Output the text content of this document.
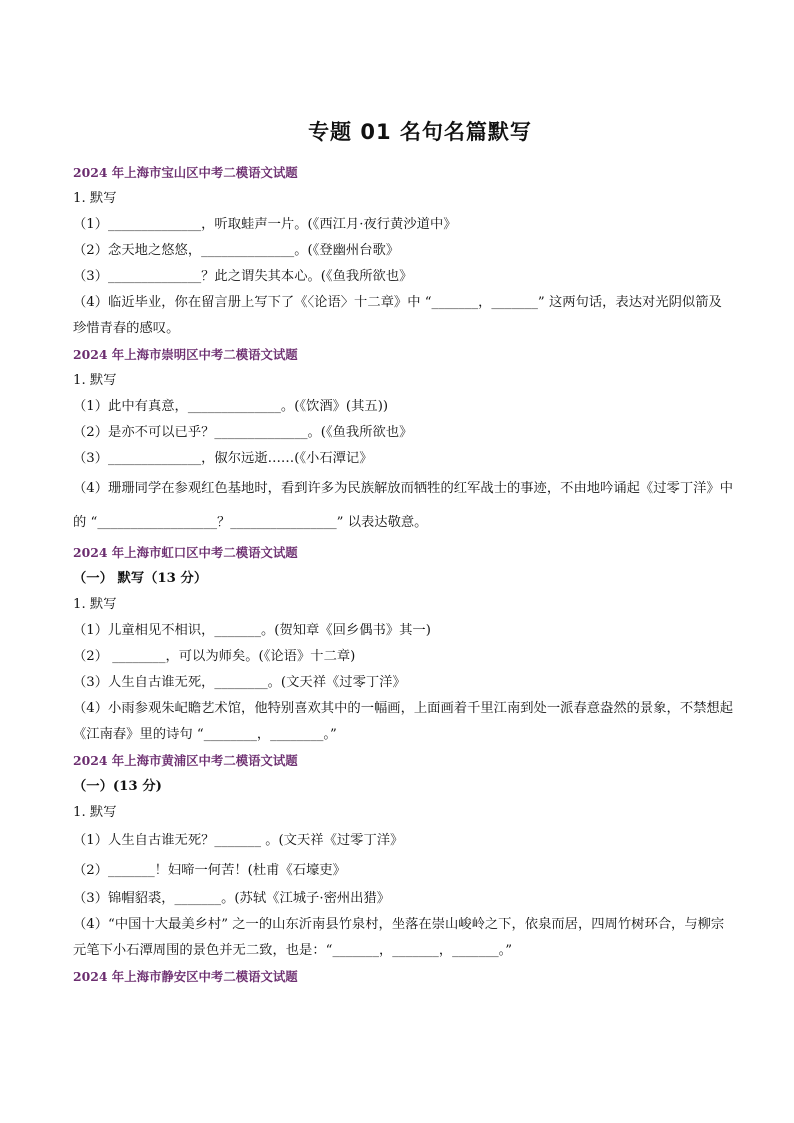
专题 01 名句名篇默写

2024 年上海市宝山区中考二模语文试题

1. 默写

（1）______________，听取蛙声一片。(《西江月·夜行黄沙道中》

（2）念天地之悠悠，______________。(《登幽州台歌》

（3）______________？此之谓失其本心。(《鱼我所欲也》

（4）临近毕业，你在留言册上写下了《〈论语〉十二章》中 “_______，_______” 这两句话，表达对光阴似箭及珍惜青春的感叹。

2024 年上海市崇明区中考二模语文试题

1. 默写

（1）此中有真意，______________。(《饮酒》(其五))

（2）是亦不可以已乎？______________。(《鱼我所欲也》

（3）______________，俶尔远逝……(《小石潭记》

（4）珊珊同学在参观红色基地时，看到许多为民族解放而牺牲的红军战士的事迹，不由地吟诵起《过零丁洋》中的 “__________________？________________” 以表达敬意。

2024 年上海市虹口区中考二模语文试题

（一） 默写（13 分）

1. 默写

（1）儿童相见不相识，_______。(贺知章《回乡偶书》其一)

（2） ________，可以为师矣。(《论语》十二章)

（3）人生自古谁无死，________。(文天祥《过零丁洋》

（4）小雨参观朱屺瞻艺术馆，他特别喜欢其中的一幅画，上面画着千里江南到处一派春意盎然的景象，不禁想起《江南春》里的诗句 “________，________。”

2024 年上海市黄浦区中考二模语文试题

（一）(13 分)

1. 默写

（1）人生自古谁无死？_______ 。(文天祥《过零丁洋》

（2）_______！妇啼一何苦！(杜甫《石壕吏》

（3）锦帽貂裘，_______。(苏轼《江城子·密州出猎》

（4）“中国十大最美乡村” 之一的山东沂南县竹泉村，坐落在崇山峻岭之下，依泉而居，四周竹树环合，与柳宗元笔下小石潭周围的景色并无二致，也是：“_______，_______，_______。”

2024 年上海市静安区中考二模语文试题
